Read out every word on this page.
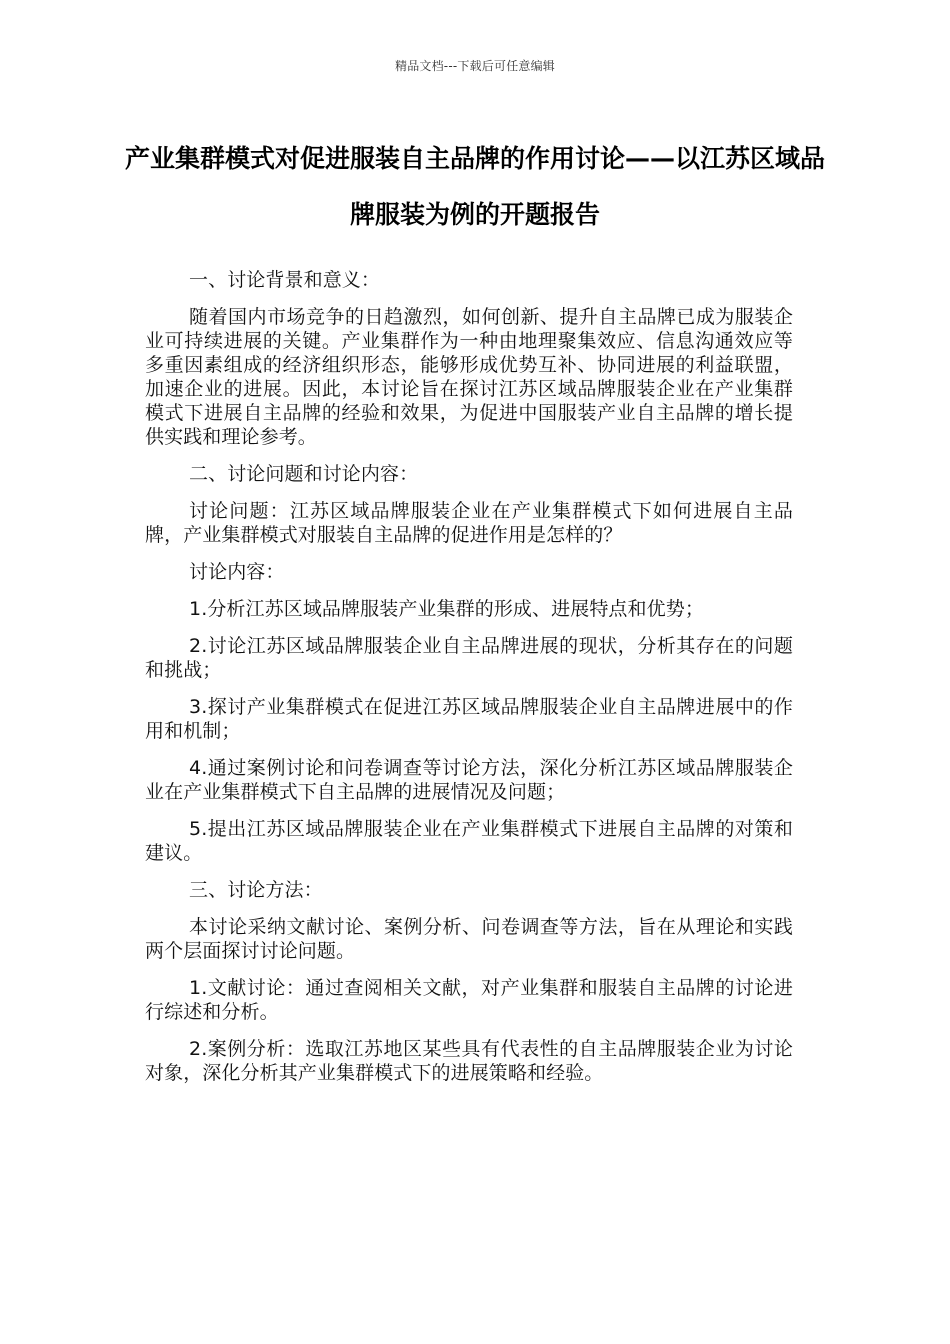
精品文档---下载后可任意编辑
产业集群模式对促进服装自主品牌的作用讨论——以江苏区域品牌服装为例的开题报告

一、讨论背景和意义：

随着国内市场竞争的日趋激烈，如何创新、提升自主品牌已成为服装企业可持续进展的关键。产业集群作为一种由地理聚集效应、信息沟通效应等多重因素组成的经济组织形态，能够形成优势互补、协同进展的利益联盟，加速企业的进展。因此，本讨论旨在探讨江苏区域品牌服装企业在产业集群模式下进展自主品牌的经验和效果，为促进中国服装产业自主品牌的增长提供实践和理论参考。

二、讨论问题和讨论内容：

讨论问题：江苏区域品牌服装企业在产业集群模式下如何进展自主品牌，产业集群模式对服装自主品牌的促进作用是怎样的？

讨论内容：

1.分析江苏区域品牌服装产业集群的形成、进展特点和优势；

2.讨论江苏区域品牌服装企业自主品牌进展的现状，分析其存在的问题和挑战；

3.探讨产业集群模式在促进江苏区域品牌服装企业自主品牌进展中的作用和机制；

4.通过案例讨论和问卷调查等讨论方法，深化分析江苏区域品牌服装企业在产业集群模式下自主品牌的进展情况及问题；

5.提出江苏区域品牌服装企业在产业集群模式下进展自主品牌的对策和建议。

三、讨论方法：

本讨论采纳文献讨论、案例分析、问卷调查等方法，旨在从理论和实践两个层面探讨讨论问题。

1.文献讨论：通过查阅相关文献，对产业集群和服装自主品牌的讨论进行综述和分析。

2.案例分析：选取江苏地区某些具有代表性的自主品牌服装企业为讨论对象，深化分析其产业集群模式下的进展策略和经验。
